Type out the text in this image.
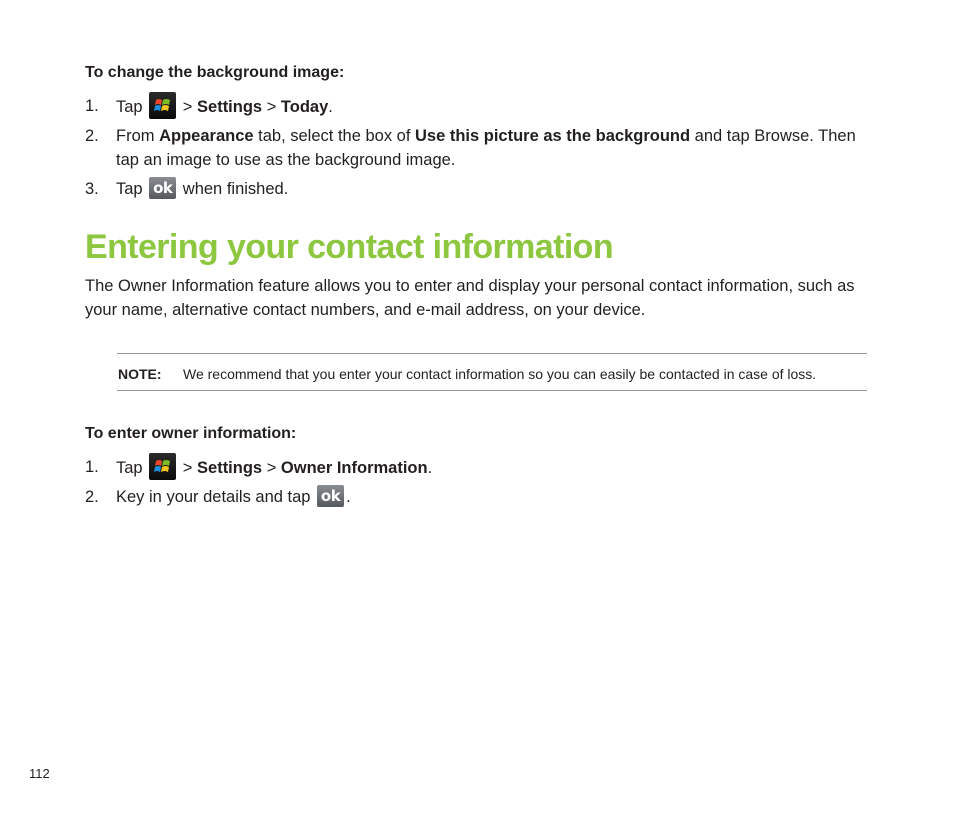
To change the background image:
1. Tap
> Settings > Today.
2. From Appearance tab, select the box of Use this picture as the background and tap Browse. Then
tap an image to use as the background image.
3. Tap ok when finished.
Entering your contact information
The Owner Information feature allows you to enter and display your personal contact information, such as
your name, alternative contact numbers, and e-mail address, on your device.
NOTE: We recommend that you enter your contact information so you can easily be contacted in case of loss.
To enter owner information:
1. Tap
> Settings > Owner Information.
2. Key in your details and tap ok .
112
